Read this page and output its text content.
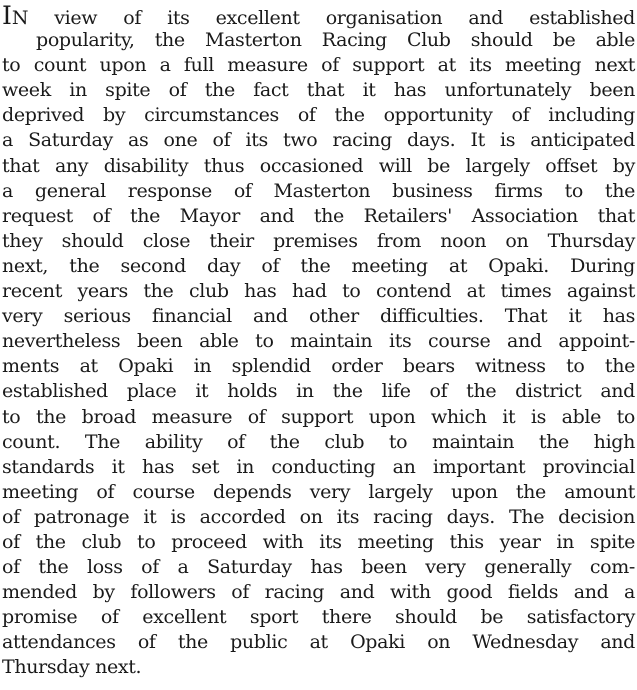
IN view of its excellent organisation and established
popularity, the Masterton Racing Club should be able
to count upon a full measure of support at its meeting next
week in spite of the fact that it has unfortunately been
deprived by circumstances of the opportunity of including
a Saturday as one of its two racing days. It is anticipated
that any disability thus occasioned will be largely offset by
a general response of Masterton business firms to the
request of the Mayor and the Retailers' Association that
they should close their premises from noon on Thursday
next, the second day of the meeting at Opaki. During
recent years the club has had to contend at times against
very serious financial and other difficulties. That it has
nevertheless been able to maintain its course and appoint-
ments at Opaki in splendid order bears witness to the
established place it holds in the life of the district and
to the broad measure of support upon which it is able to
count. The ability of the club to maintain the high
standards it has set in conducting an important provincial
meeting of course depends very largely upon the amount
of patronage it is accorded on its racing days. The decision
of the club to proceed with its meeting this year in spite
of the loss of a Saturday has been very generally com-
mended by followers of racing and with good fields and a
promise of excellent sport there should be satisfactory
attendances of the public at Opaki on Wednesday and
Thursday next.
